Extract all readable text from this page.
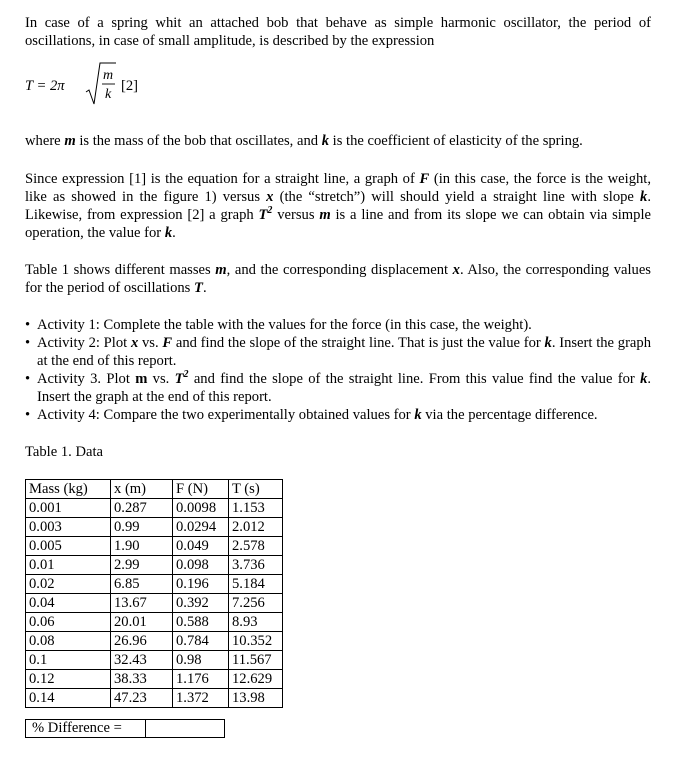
In case of a spring whit an attached bob that behave as simple harmonic oscillator, the period of oscillations, in case of small amplitude, is described by the expression

T = 2π
m
k
[2]

where m is the mass of the bob that oscillates, and k is the coefficient of elasticity of the spring.

Since expression [1] is the equation for a straight line, a graph of F (in this case, the force is the weight, like as showed in the figure 1) versus x (the “stretch”) will should yield a straight line with slope k. Likewise, from expression [2] a graph $T^2$ versus m is a line and from its slope we can obtain via simple operation, the value for k.

Table 1 shows different masses m, and the corresponding displacement x. Also, the corresponding values for the period of oscillations T.

• Activity 1: Complete the table with the values for the force (in this case, the weight).
• Activity 2: Plot x vs. F and find the slope of the straight line. That is just the value for k. Insert the graph at the end of this report.
• Activity 3. Plot m vs. $T^2$ and find the slope of the straight line. From this value find the value for k. Insert the graph at the end of this report.
• Activity 4: Compare the two experimentally obtained values for k via the percentage difference.

Table 1. Data

Mass (kg)	x (m)	F (N)	T (s)
0.001	0.287	0.0098	1.153
0.003	0.99	0.0294	2.012
0.005	1.90	0.049	2.578
0.01	2.99	0.098	3.736
0.02	6.85	0.196	5.184
0.04	13.67	0.392	7.256
0.06	20.01	0.588	8.93
0.08	26.96	0.784	10.352
0.1	32.43	0.98	11.567
0.12	38.33	1.176	12.629
0.14	47.23	1.372	13.98
% Difference =
